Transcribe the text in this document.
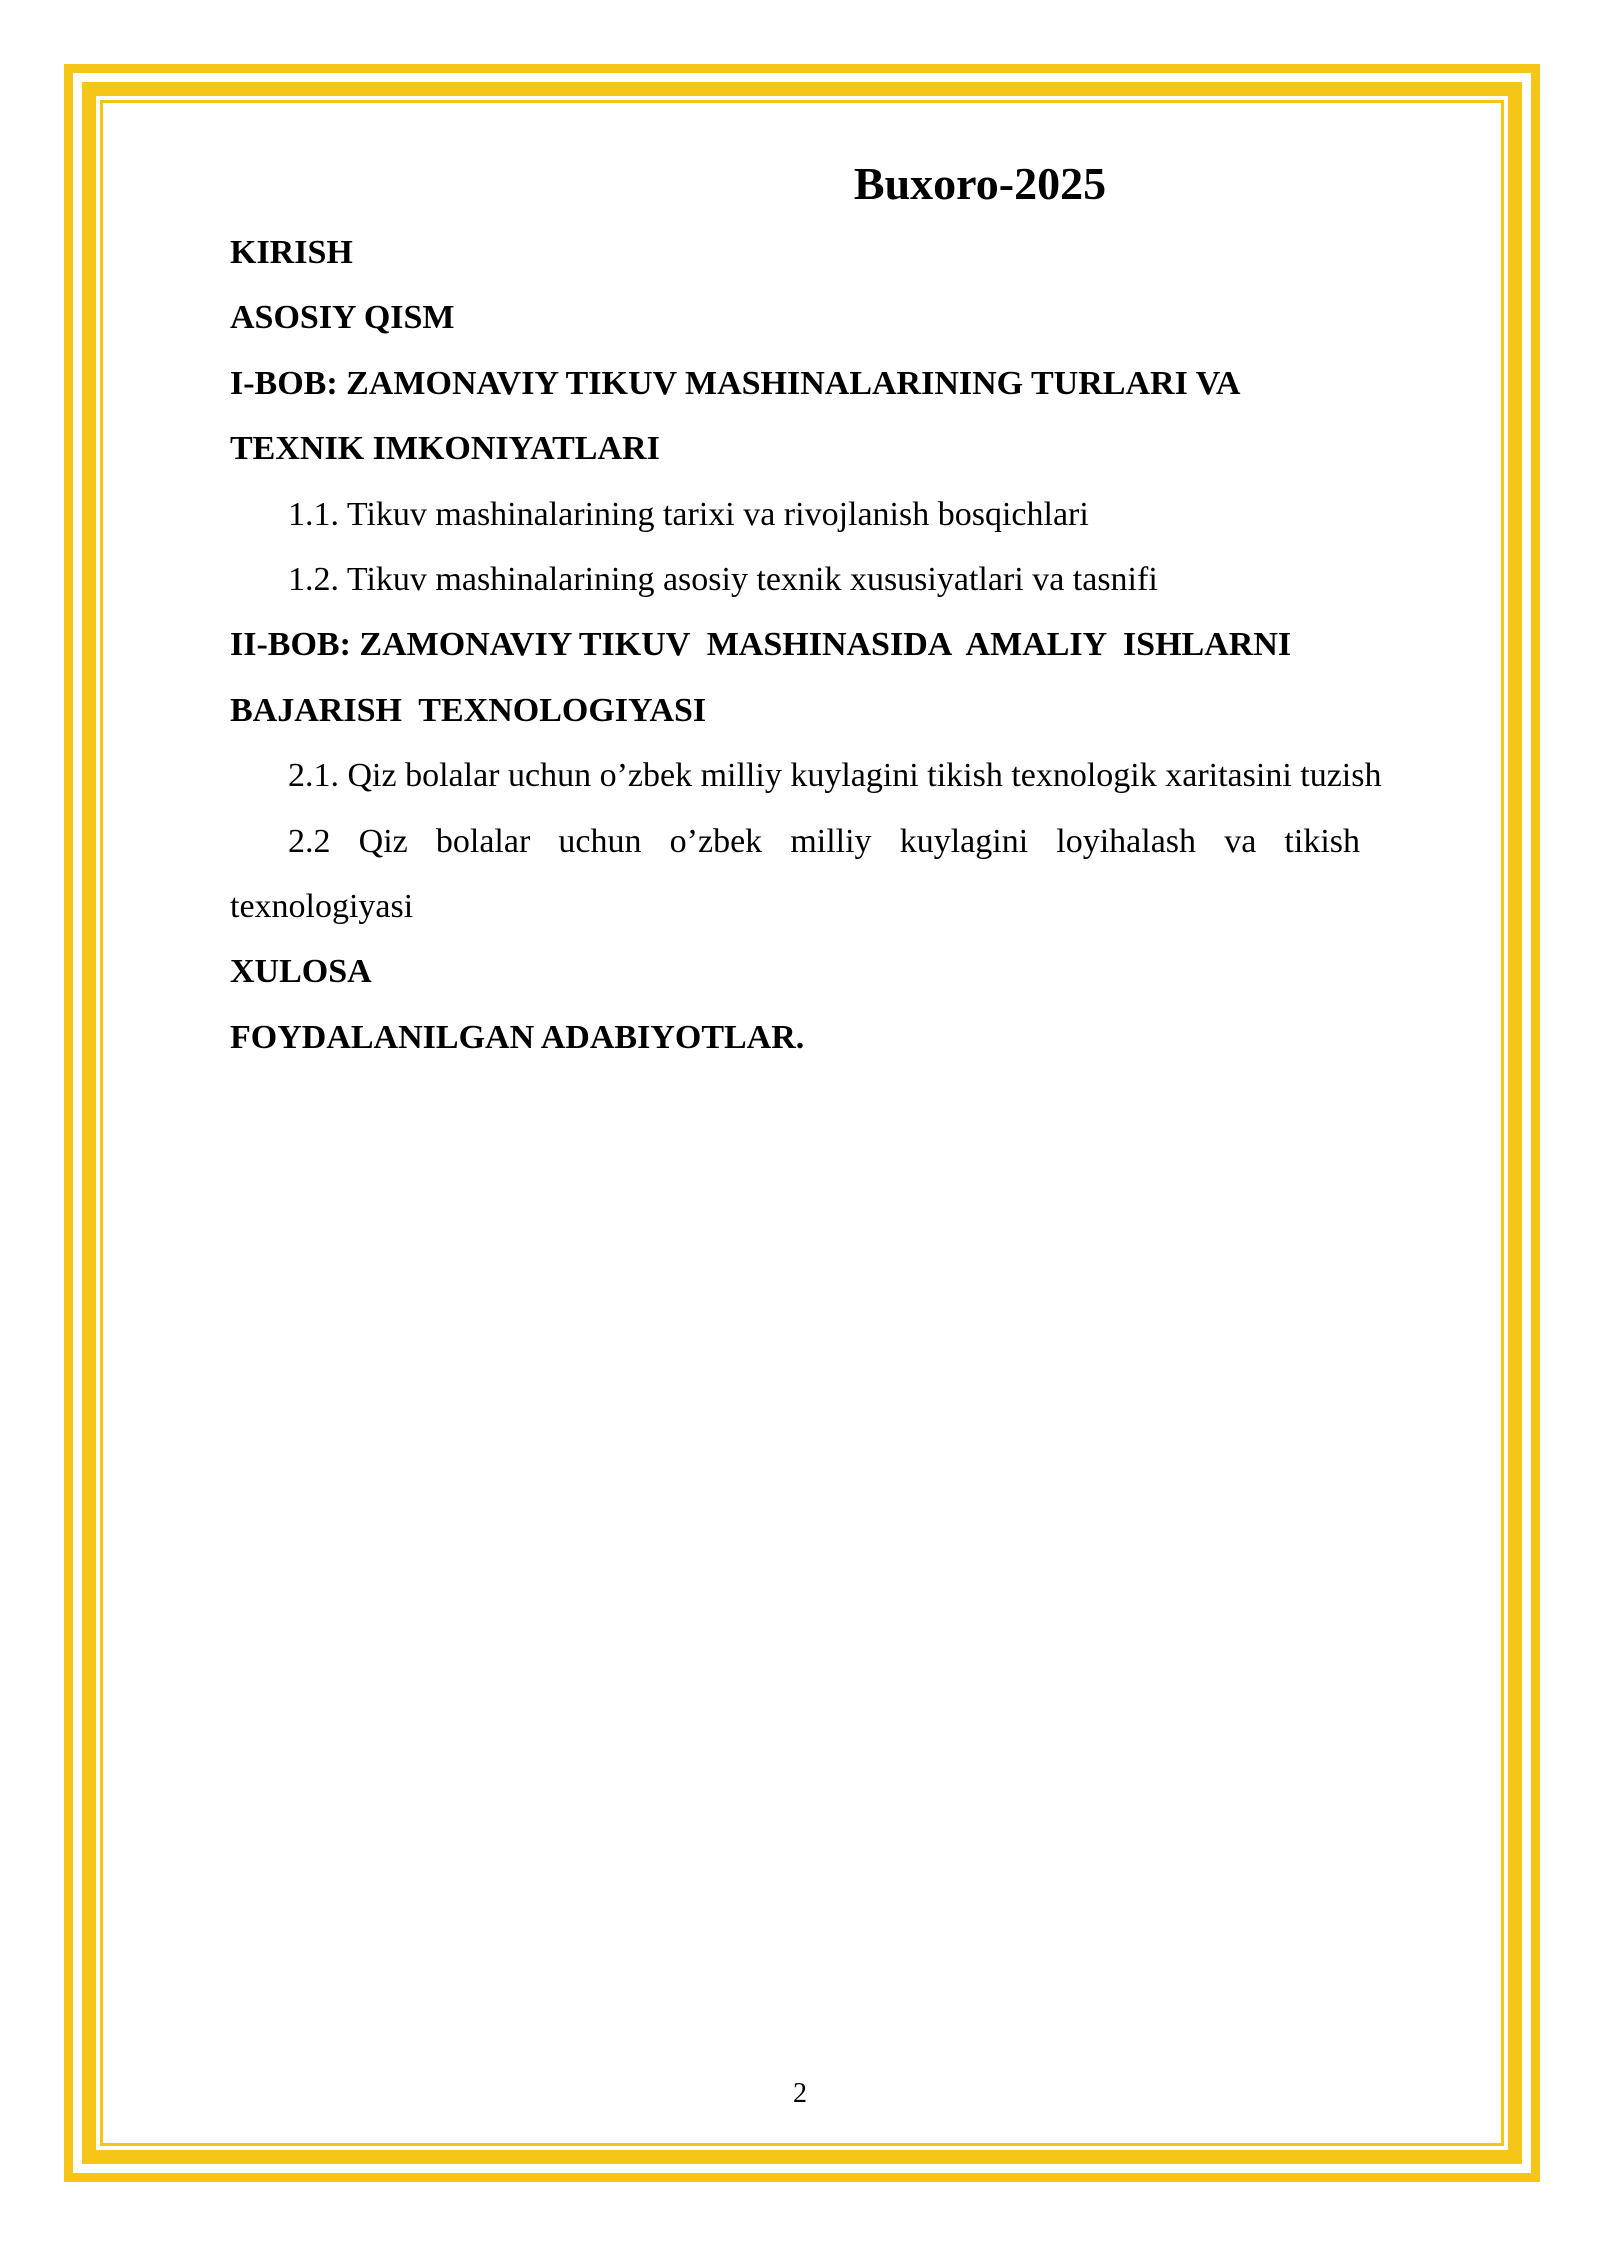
Buxoro-2025

KIRISH

ASOSIY QISM

I-BOB: ZAMONAVIY TIKUV MASHINALARINING TURLARI VA

TEXNIK IMKONIYATLARI

1.1. Tikuv mashinalarining tarixi va rivojlanish bosqichlari

1.2. Tikuv mashinalarining asosiy texnik xususiyatlari va tasnifi

II-BOB: ZAMONAVIY TIKUV  MASHINASIDA  AMALIY  ISHLARNI

BAJARISH  TEXNOLOGIYASI

2.1. Qiz bolalar uchun o’zbek milliy kuylagini tikish texnologik xaritasini tuzish

2.2 Qiz bolalar uchun o’zbek milliy kuylagini loyihalash va tikish texnologiyasi

XULOSA

FOYDALANILGAN ADABIYOTLAR.

2
